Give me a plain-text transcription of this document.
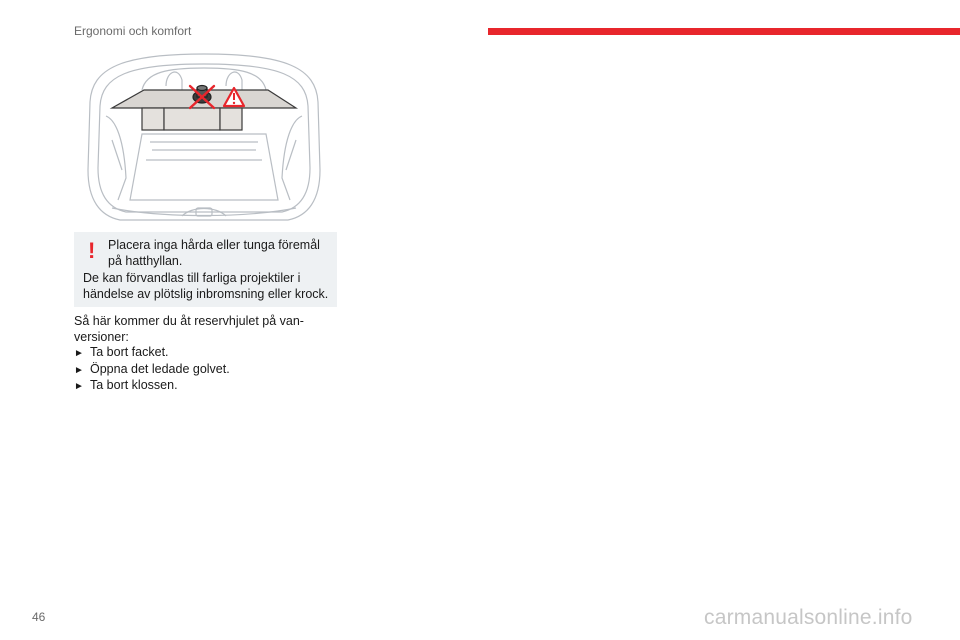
Ergonomi och komfort
! Placera inga hårda eller tunga föremål på hatthyllan.
De kan förvandlas till farliga projektiler i händelse av plötslig inbromsning eller krock.

Så här kommer du åt reservhjulet på van-versioner:

► Ta bort facket.
► Öppna det ledade golvet.
► Ta bort klossen.
46	carmanualsonline.info
